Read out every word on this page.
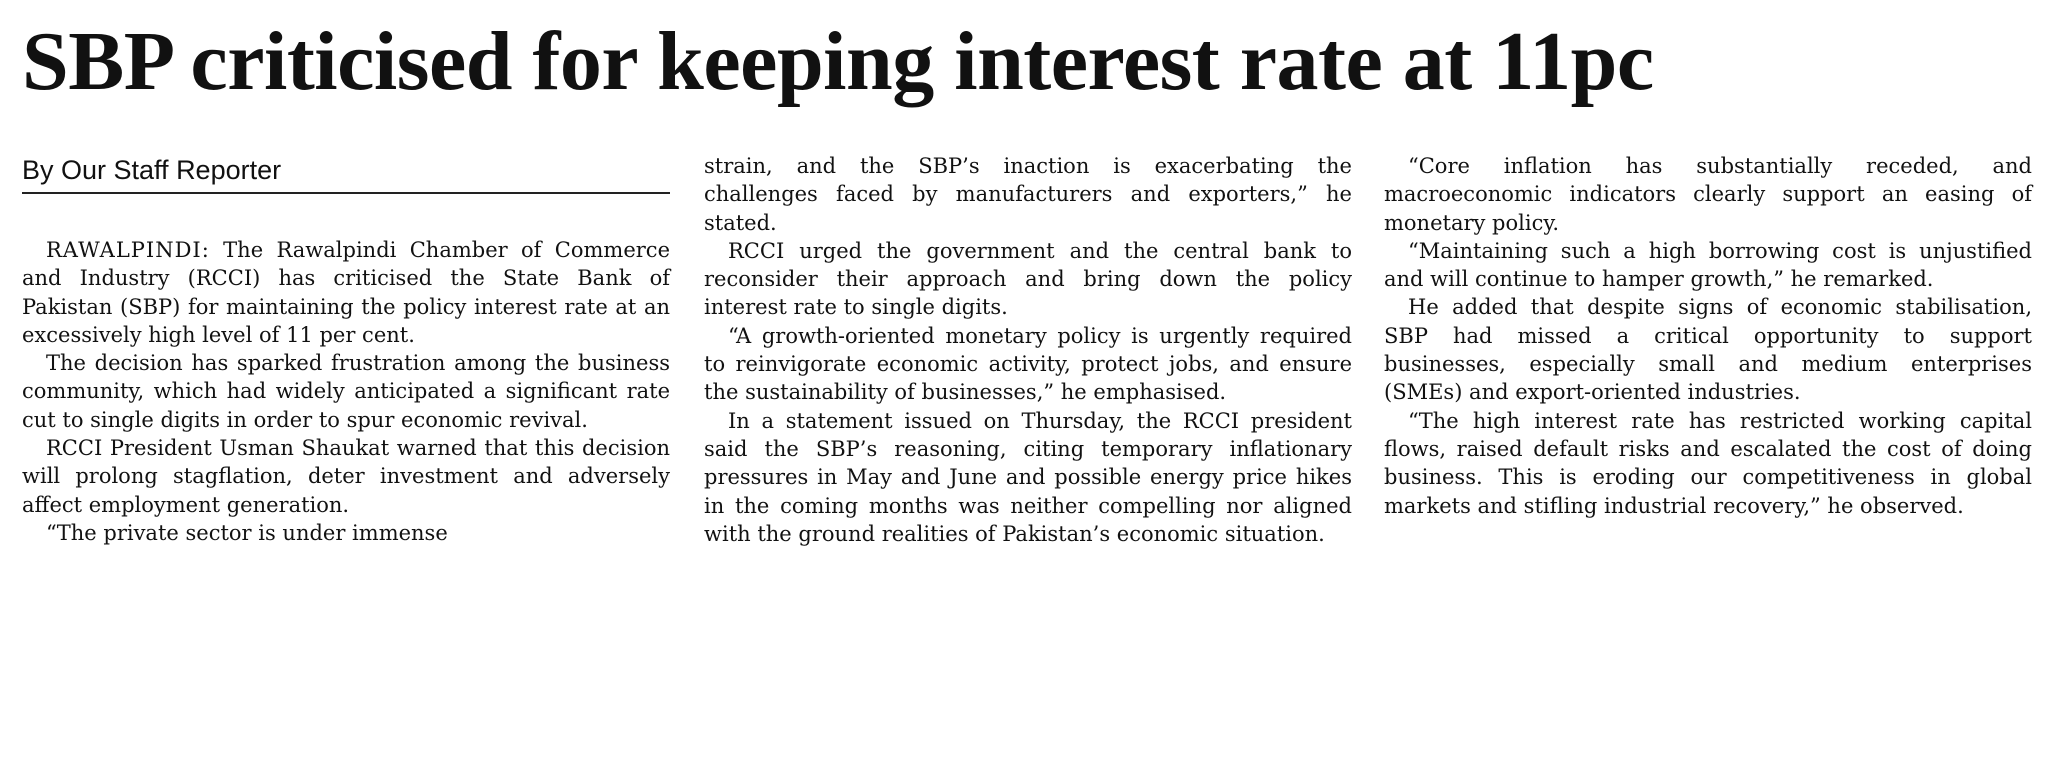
SBP criticised for keeping interest rate at 11pc
By Our Staff Reporter

RAWALPINDI: The Rawalpindi Chamber of Commerce and Industry (RCCI) has criticised the State Bank of Pakistan (SBP) for maintaining the policy interest rate at an excessively high level of 11 per cent.

The decision has sparked frustration among the business community, which had widely anticipated a significant rate cut to single digits in order to spur economic revival.

RCCI President Usman Shaukat warned that this decision will prolong stagflation, deter investment and adversely affect employment generation.

“The private sector is under immense

strain, and the SBP’s inaction is exacerbating the challenges faced by manufacturers and exporters,” he stated.

RCCI urged the government and the central bank to reconsider their approach and bring down the policy interest rate to single digits.

“A growth-oriented monetary policy is urgently required to reinvigorate economic activity, protect jobs, and ensure the sustainability of businesses,” he emphasised.

In a statement issued on Thursday, the RCCI president said the SBP’s reasoning, citing temporary inflationary pressures in May and June and possible energy price hikes in the coming months was neither compelling nor aligned with the ground realities of Pakistan’s economic situation.

“Core inflation has substantially receded, and macroeconomic indicators clearly support an easing of monetary policy.

“Maintaining such a high borrowing cost is unjustified and will continue to hamper growth,” he remarked.

He added that despite signs of economic stabilisation, SBP had missed a critical opportunity to support businesses, especially small and medium enterprises (SMEs) and export-oriented industries.

“The high interest rate has restricted working capital flows, raised default risks and escalated the cost of doing business. This is eroding our competitiveness in global markets and stifling industrial recovery,” he observed.
